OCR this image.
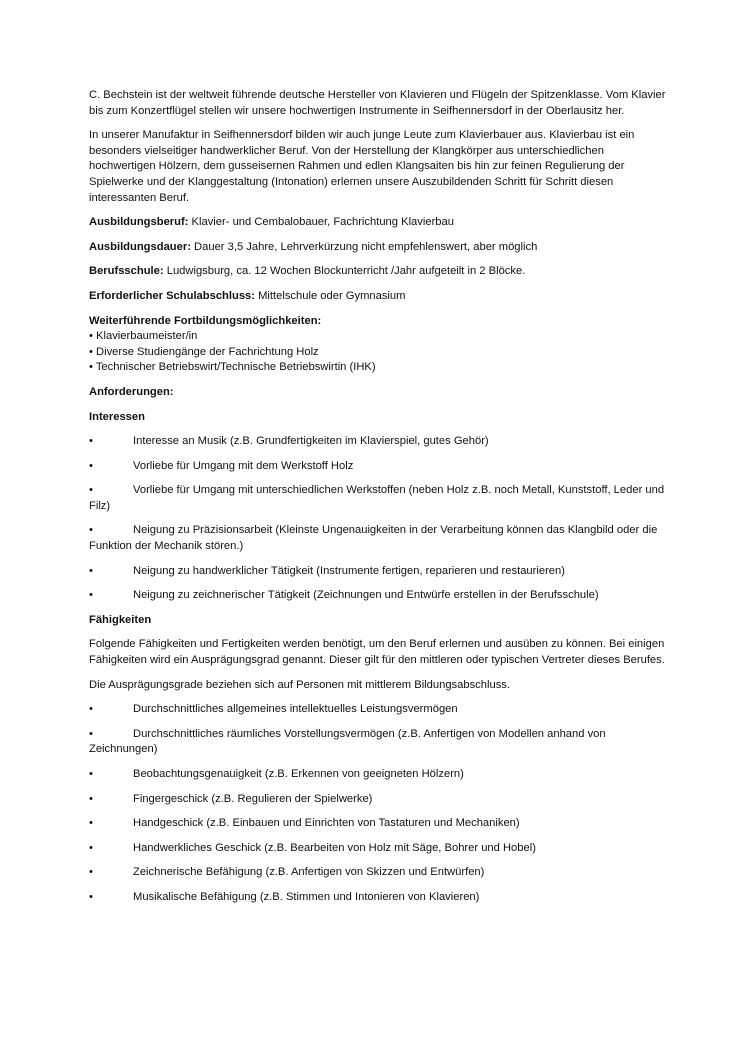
C. Bechstein ist der weltweit führende deutsche Hersteller von Klavieren und Flügeln der Spitzenklasse. Vom Klavier bis zum Konzertflügel stellen wir unsere hochwertigen Instrumente in Seifhennersdorf in der Oberlausitz her.

In unserer Manufaktur in Seifhennersdorf bilden wir auch junge Leute zum Klavierbauer aus. Klavierbau ist ein besonders vielseitiger handwerklicher Beruf. Von der Herstellung der Klangkörper aus unterschiedlichen hochwertigen Hölzern, dem gusseisernen Rahmen und edlen Klangsaiten bis hin zur feinen Regulierung der Spielwerke und der Klanggestaltung (Intonation) erlernen unsere Auszubildenden Schritt für Schritt diesen interessanten Beruf.

Ausbildungsberuf: Klavier- und Cembalobauer, Fachrichtung Klavierbau

Ausbildungsdauer: Dauer 3,5 Jahre, Lehrverkürzung nicht empfehlenswert, aber möglich

Berufsschule: Ludwigsburg, ca. 12 Wochen Blockunterricht /Jahr aufgeteilt in 2 Blöcke.

Erforderlicher Schulabschluss: Mittelschule oder Gymnasium

Weiterführende Fortbildungsmöglichkeiten:
• Klavierbaumeister/in
• Diverse Studiengänge der Fachrichtung Holz
• Technischer Betriebswirt/Technische Betriebswirtin (IHK)
Anforderungen:
Interessen
•	Interesse an Musik (z.B. Grundfertigkeiten im Klavierspiel, gutes Gehör)
•	Vorliebe für Umgang mit dem Werkstoff Holz
•	Vorliebe für Umgang mit unterschiedlichen Werkstoffen (neben Holz z.B. noch Metall, Kunststoff, Leder und Filz)
•	Neigung zu Präzisionsarbeit (Kleinste Ungenauigkeiten in der Verarbeitung können das Klangbild oder die Funktion der Mechanik stören.)
•	Neigung zu handwerklicher Tätigkeit (Instrumente fertigen, reparieren und restaurieren)
•	Neigung zu zeichnerischer Tätigkeit (Zeichnungen und Entwürfe erstellen in der Berufsschule)
Fähigkeiten

Folgende Fähigkeiten und Fertigkeiten werden benötigt, um den Beruf erlernen und ausüben zu können. Bei einigen Fähigkeiten wird ein Ausprägungsgrad genannt. Dieser gilt für den mittleren oder typischen Vertreter dieses Berufes.

Die Ausprägungsgrade beziehen sich auf Personen mit mittlerem Bildungsabschluss.

•	Durchschnittliches allgemeines intellektuelles Leistungsvermögen
•	Durchschnittliches räumliches Vorstellungsvermögen (z.B. Anfertigen von Modellen anhand von Zeichnungen)
•	Beobachtungsgenauigkeit (z.B. Erkennen von geeigneten Hölzern)
•	Fingergeschick (z.B. Regulieren der Spielwerke)
•	Handgeschick (z.B. Einbauen und Einrichten von Tastaturen und Mechaniken)
•	Handwerkliches Geschick (z.B. Bearbeiten von Holz mit Säge, Bohrer und Hobel)
•	Zeichnerische Befähigung (z.B. Anfertigen von Skizzen und Entwürfen)
•	Musikalische Befähigung (z.B. Stimmen und Intonieren von Klavieren)
